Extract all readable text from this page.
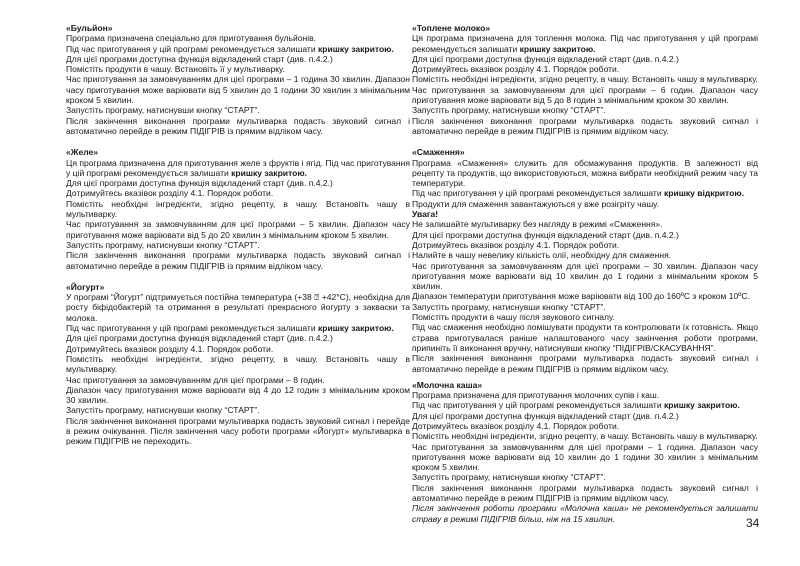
«Бульйон»
Програма призначена спеціально для приготування бульйонів.
Під час приготування у цій програмі рекомендується залишати кришку закритою.
Для цієї програми доступна функція відкладений старт (див. п.4.2.)
Помістіть продукти в чашу. Встановіть її у мультиварку.
Час приготування за замовчуванням для цієї програми – 1 година 30 хвилин. Діапазон часу приготування може варіювати від 5 хвилин до 1 години 30 хвилин з мінімальним кроком 5 хвилин.
Запустіть програму, натиснувши кнопку “СТАРТ”.
Після закінчення виконання програми мультиварка подасть звуковий сигнал і автоматично перейде в режим ПІДІГРІВ із прямим відліком часу.
«Желе»
Ця програма призначена для приготування желе з фруктів і ягід. Під час приготування у цій програмі рекомендується залишати кришку закритою.
Для цієї програми доступна функція відкладений старт (див. п.4.2.)
Дотримуйтесь вказівок розділу 4.1. Порядок роботи.
Помістіть необхідні інгредієнти, згідно рецепту, в чашу. Встановіть чашу в мультиварку.
Час приготування за замовчуванням для цієї програми – 5 хвилин. Діапазон часу приготування може варіювати від 5 до 20 хвилин з мінімальним кроком 5 хвилин.
Запустіть програму, натиснувши кнопку “СТАРТ”.
Після закінчення виконання програми мультиварка подасть звуковий сигнал і автоматично перейде в режим ПІДІГРІВ із прямим відліком часу.
«Йогурт»
У програмі “Йогурт” підтримується постійна температура (+38 ⍰ +42°С), необхідна для росту біфідобактерій та отримання в результаті прекрасного йогурту з закваски та молока.
Під час приготування у цій програмі рекомендується залишати кришку закритою.
Для цієї програми доступна функція відкладений старт (див. п.4.2.)
Дотримуйтесь вказівок розділу 4.1. Порядок роботи.
Помістіть необхідні інгредієнти, згідно рецепту, в чашу. Встановіть чашу в мультиварку.
Час приготування за замовчуванням для цієї програми – 8 годин.
Діапазон часу приготування може варіювати від 4 до 12 годин з мінімальним кроком 30 хвилин.
Запустіть програму, натиснувши кнопку “СТАРТ”.
Після закінчення виконання програми мультиварка подасть звуковий сигнал і перейде в режим очікування. Після закінчення часу роботи програми «Йогурт» мультиварка в режим ПІДІГРІВ не переходить.
«Топлене молоко»
Ця програма призначена для топлення молока. Під час приготування у цій програмі рекомендується залишати кришку закритою.
Для цієї програми доступна функція відкладений старт (див. п.4.2.)
Дотримуйтесь вказівок розділу 4.1. Порядок роботи.
Помістіть необхідні інгредієнти, згідно рецепту, в чашу. Встановіть чашу в мультиварку. Час приготування за замовчуванням для цієї програми – 6 годин. Діапазон часу приготування може варіювати від 5 до 8 годин з мінімальним кроком 30 хвилин.
Запустіть програму, натиснувши кнопку “СТАРТ”.
Після закінчення виконання програми мультиварка подасть звуковий сигнал і автоматично перейде в режим ПІДІГРІВ із прямим відліком часу.
«Смаження»
Програма «Смаження» служить для обсмажування продуктів. В залежності від рецепту та продуктів, що використовуються, можна вибрати необхідний режим часу та температури.
Під час приготування у цій програмі рекомендується залишати кришку відкритою.
Продукти для смаження завантажуються у вже розігріту чашу.
Увага!
Не залишайте мультиварку без нагляду в режимі «Смаження».
Для цієї програми доступна функція відкладений старт (див. п.4.2.)
Дотримуйтесь вказівок розділу 4.1. Порядок роботи.
Налийте в чашу невелику кількість олії, необхідну для смаження.
Час приготування за замовчуванням для цієї програми – 30 хвилин. Діапазон часу приготування може варіювати від 10 хвилин до 1 години з мінімальним кроком 5 хвилин.
Діапазон температури приготування може варіювати від 100 до 160ºС з кроком 10ºС.
Запустіть програму, натиснувши кнопку “СТАРТ”.
Помістіть продукти в чашу після звукового сигналу.
Під час смаження необхідно помішувати продукти та контролювати їх готовність. Якщо страва приготувалася раніше налаштованого часу закінчення роботи програми, припиніть її виконання вручну, натиснувши кнопку “ПІДІГРІВ/СКАСУВАННЯ”.
Після закінчення виконання програми мультиварка подасть звуковий сигнал і автоматично перейде в режим ПІДІГРІВ із прямим відліком часу.
«Молочна каша»
Програма призначена для приготування молочних супів і каш.
Під час приготування у цій програмі рекомендується залишати кришку закритою.
Для цієї програми доступна функція відкладений старт (див. п.4.2.)
Дотримуйтесь вказівок розділу 4.1. Порядок роботи.
Помістіть необхідні інгредієнти, згідно рецепту, в чашу. Встановіть чашу в мультиварку.
Час приготування за замовчуванням для цієї програми – 1 година. Діапазон часу приготування може варіювати від 10 хвилин до 1 години 30 хвилин з мінімальним кроком 5 хвилин.
Запустіть програму, натиснувши кнопку “СТАРТ”.
Після закінчення виконання програми мультиварка подасть звуковий сигнал і автоматично перейде в режим ПІДІГРІВ із прямим відліком часу.
Після закінчення роботи програми «Молочна каша» не рекомендується залишати страву в режимі ПІДІГРІВ більш, ніж на 15 хвилин.	34
